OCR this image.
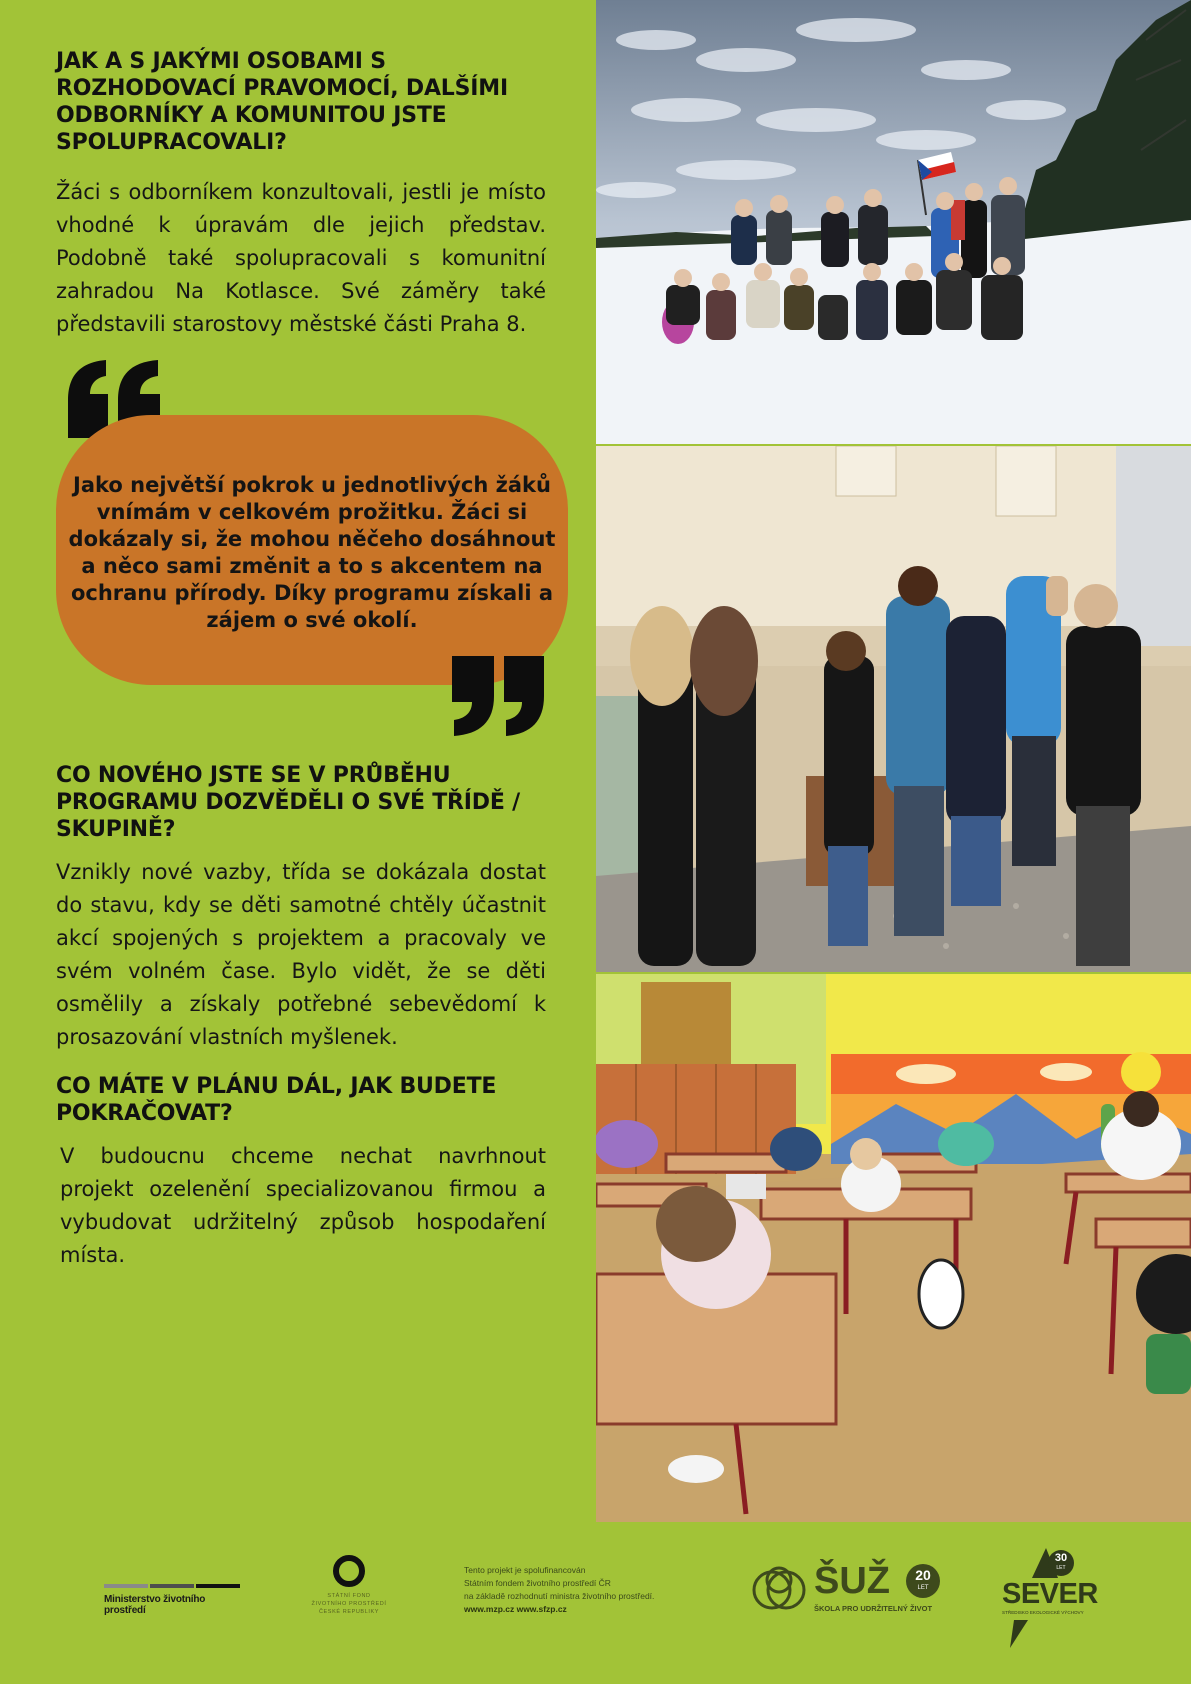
JAK A S JAKÝMI OSOBAMI S ROZHODOVACÍ PRAVOMOCÍ, DALŠÍMI ODBORNÍKY A KOMUNITOU JSTE SPOLUPRACOVALI?

Žáci s odborníkem konzultovali, jestli je místo vhodné k úpravám dle jejich představ. Podobně také spolupracovali s komunitní zahradou Na Kotlasce. Své záměry také představili starostovy městské části Praha 8.

Jako největší pokrok u jednotlivých žáků vnímám v celkovém prožitku. Žáci si dokázaly si, že mohou něčeho dosáhnout a něco sami změnit a to s akcentem na ochranu přírody. Díky programu získali a zájem o své okolí.

CO NOVÉHO JSTE SE V PRŮBĚHU PROGRAMU DOZVĚDĚLI O SVÉ TŘÍDĚ / SKUPINĚ?

Vznikly nové vazby, třída se dokázala dostat do stavu, kdy se děti samotné chtěly účastnit akcí spojených s projektem a pracovaly ve svém volném čase. Bylo vidět, že se děti osmělily a získaly potřebné sebevědomí k prosazování vlastních myšlenek.

CO MÁTE V PLÁNU DÁL, JAK BUDETE POKRAČOVAT?

V budoucnu chceme nechat navrhnout projekt ozelenění specializovanou firmou a vybudovat udržitelný způsob hospodaření místa.

Ministerstvo životního prostředí
STÁTNÍ FOND
ŽIVOTNÍHO PROSTŘEDÍ
ČESKÉ REPUBLIKY
Tento projekt je spolufinancován
Státním fondem životního prostředí ČR
na základě rozhodnutí ministra životního prostředí.
www.mzp.cz www.sfzp.cz
ŠUŽ	20
LET
ŠKOLA PRO UDRŽITELNÝ ŽIVOT
30
LET
SEVER
STŘEDISKO EKOLOGICKÉ VÝCHOVY
